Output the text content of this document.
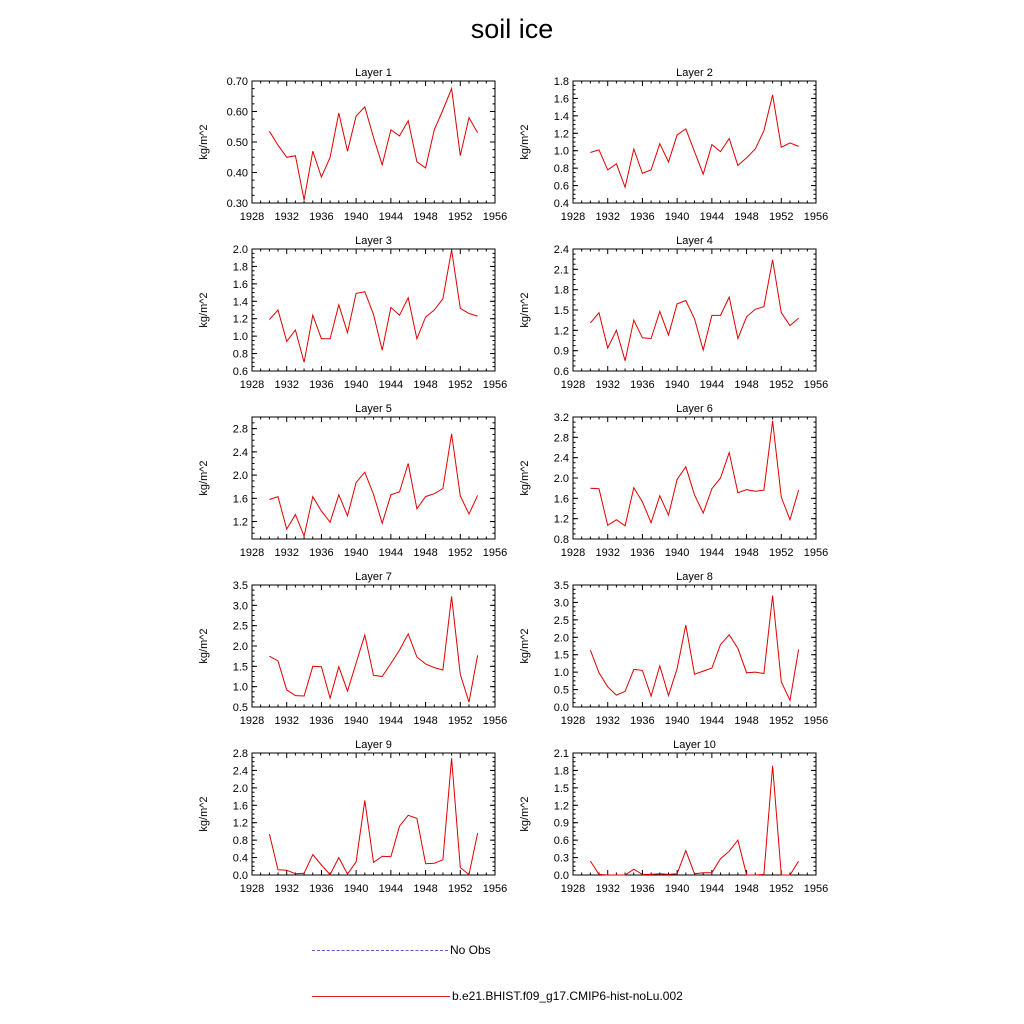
soil ice
Layer 1
1928 1932 1936 1940 1944 1948 1952 1956
0.30
0.40
0.50
0.60
0.70
kg/m^2
Layer 2
1928 1932 1936 1940 1944 1948 1952 1956
0.4
0.6
0.8
1.0
1.2
1.4
1.6
1.8
kg/m^2
Layer 3
1928 1932 1936 1940 1944 1948 1952 1956
0.6
0.8
1.0
1.2
1.4
1.6
1.8
2.0
kg/m^2
Layer 4
1928 1932 1936 1940 1944 1948 1952 1956
0.6
0.9
1.2
1.5
1.8
2.1
2.4
kg/m^2
Layer 5
1928 1932 1936 1940 1944 1948 1952 1956
1.2
1.6
2.0
2.4
2.8
kg/m^2
Layer 6
1928 1932 1936 1940 1944 1948 1952 1956
0.8
1.2
1.6
2.0
2.4
2.8
3.2
kg/m^2
Layer 7
1928 1932 1936 1940 1944 1948 1952 1956
0.5
1.0
1.5
2.0
2.5
3.0
3.5
kg/m^2
Layer 8
1928 1932 1936 1940 1944 1948 1952 1956
0.0
0.5
1.0
1.5
2.0
2.5
3.0
3.5
kg/m^2
Layer 9
1928 1932 1936 1940 1944 1948 1952 1956
0.0
0.4
0.8
1.2
1.6
2.0
2.4
2.8
kg/m^2
Layer 10
1928 1932 1936 1940 1944 1948 1952 1956
0.0
0.3
0.6
0.9
1.2
1.5
1.8
2.1
kg/m^2
No Obs
b.e21.BHIST.f09_g17.CMIP6-hist-noLu.002
